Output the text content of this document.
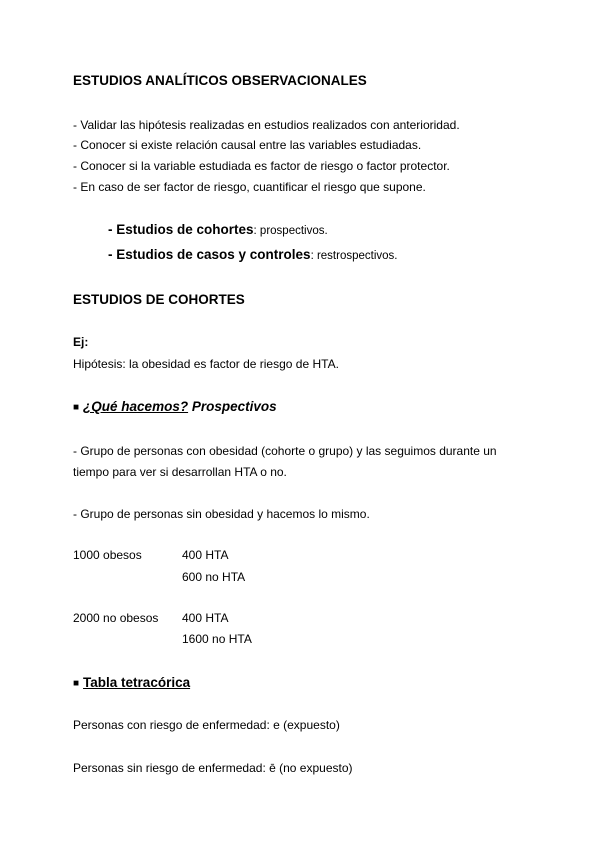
ESTUDIOS ANALÍTICOS OBSERVACIONALES
- Validar las hipótesis realizadas en estudios realizados con anterioridad.
- Conocer si existe relación causal entre las variables estudiadas.
- Conocer si la variable estudiada es factor de riesgo o factor protector.
- En caso de ser factor de riesgo, cuantificar el riesgo que supone.
- Estudios de cohortes: prospectivos.
- Estudios de casos y controles: restrospectivos.
ESTUDIOS DE COHORTES
Ej:
Hipótesis: la obesidad es factor de riesgo de HTA.
■ ¿Qué hacemos? Prospectivos
- Grupo de personas con obesidad (cohorte o grupo) y las seguimos durante un
tiempo para ver si desarrollan HTA o no.
- Grupo de personas sin obesidad y hacemos lo mismo.
1000 obesos	400 HTA
600 no HTA
2000 no obesos 400 HTA
1600 no HTA
■ Tabla tetracórica
Personas con riesgo de enfermedad: e (expuesto)
Personas sin riesgo de enfermedad: ē (no expuesto)
